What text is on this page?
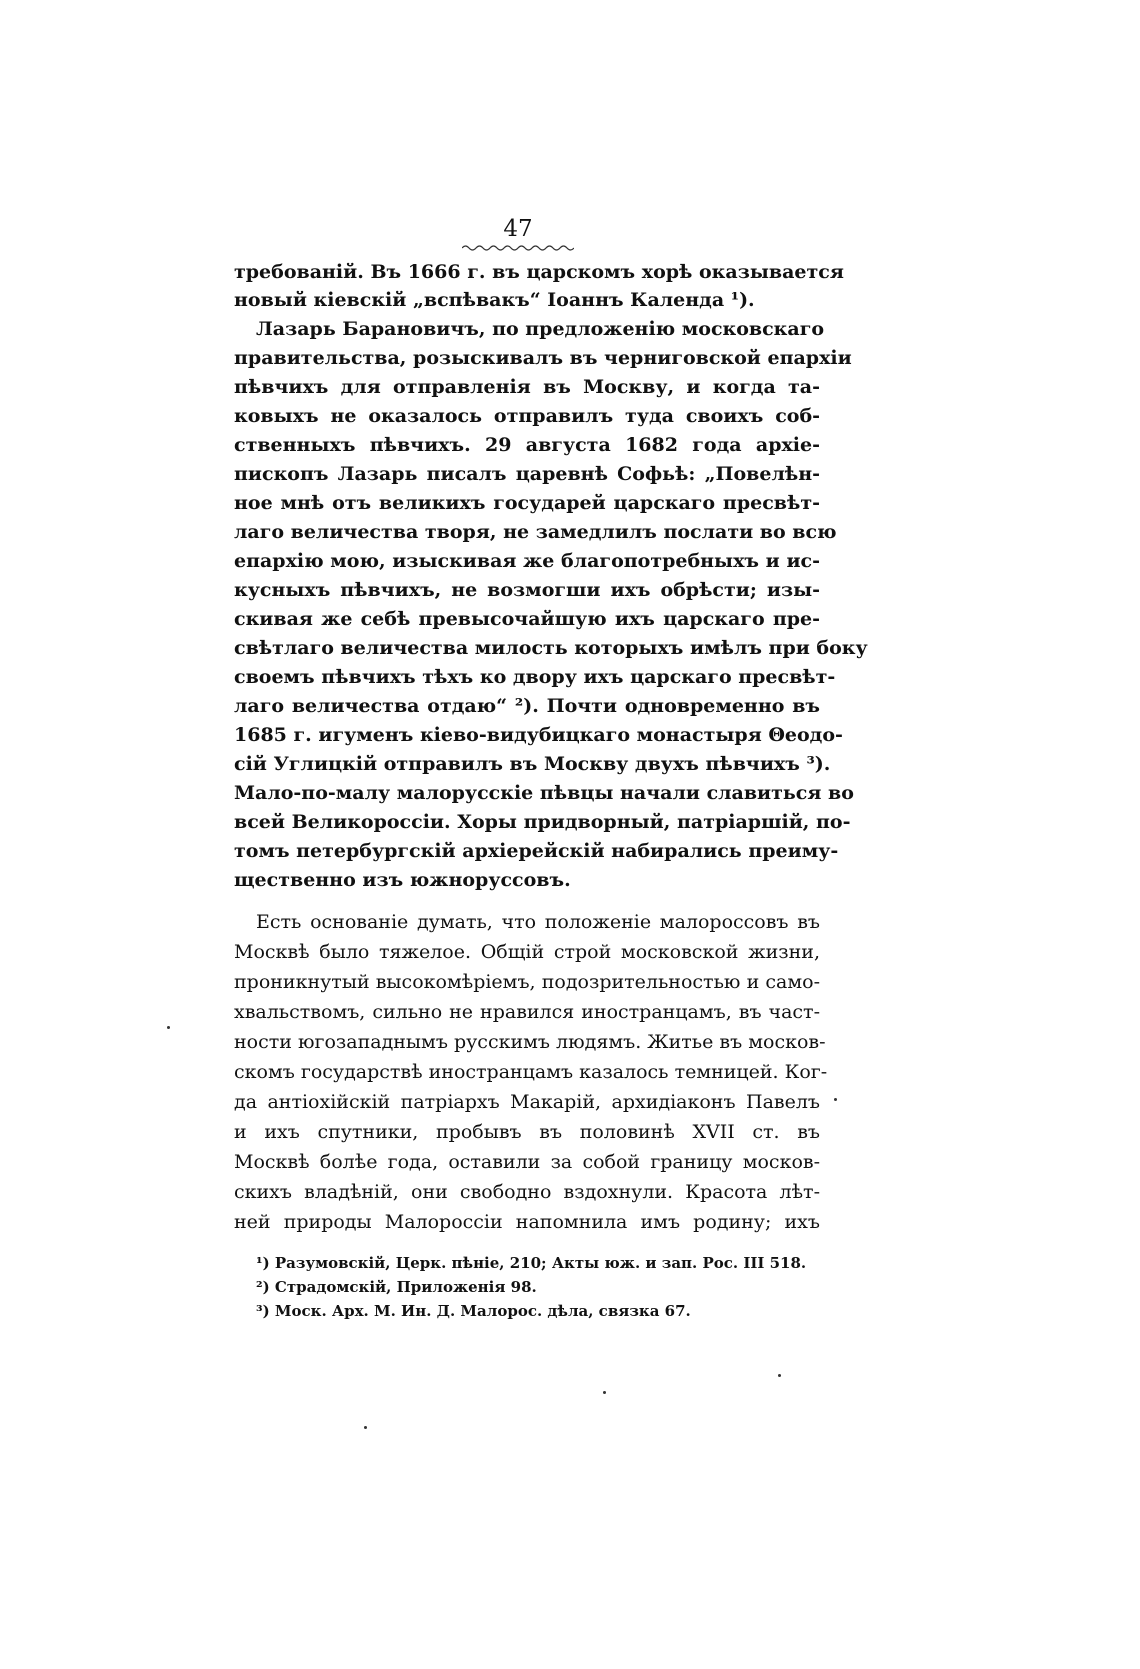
47
требованій. Въ 1666 г. въ царскомъ хорѣ оказывается
новый кіевскій „вспѣвакъ“ Іоаннъ Календа ¹).
Лазарь Барановичъ, по предложенію московскаго
правительства, розыскивалъ въ черниговской епархіи
пѣвчихъ для отправленія въ Москву, и когда та-
ковыхъ не оказалось отправилъ туда своихъ соб-
ственныхъ пѣвчихъ. 29 августа 1682 года архіе-
пископъ Лазарь писалъ царевнѣ Софьѣ: „Повелѣн-
ное мнѣ отъ великихъ государей царскаго пресвѣт-
лаго величества творя, не замедлилъ послати во всю
епархію мою, изыскивая же благопотребныхъ и ис-
кусныхъ пѣвчихъ, не возмогши ихъ обрѣсти; изы-
скивая же себѣ превысочайшую ихъ царскаго пре-
свѣтлаго величества милость которыхъ имѣлъ при боку
своемъ пѣвчихъ тѣхъ ко двору ихъ царскаго пресвѣт-
лаго величества отдаю“ ²). Почти одновременно въ
1685 г. игуменъ кіево-видубицкаго монастыря Θеодо-
сій Углицкій отправилъ въ Москву двухъ пѣвчихъ ³).
Мало-по-малу малорусскіе пѣвцы начали славиться во
всей Великороссіи. Хоры придворный, патріаршій, по-
томъ петербургскій архіерейскій набирались преиму-
щественно изъ южноруссовъ.
Есть основаніе думать, что положеніе малороссовъ въ
Москвѣ было тяжелое. Общій строй московской жизни,
проникнутый высокомѣріемъ, подозрительностью и само-
хвальствомъ, сильно не нравился иностранцамъ, въ част-
ности югозападнымъ русскимъ людямъ. Житье въ москов-
скомъ государствѣ иностранцамъ казалось темницей. Ког-
да антіохійскій патріархъ Макарій, архидіаконъ Павелъ
и ихъ спутники, пробывъ въ половинѣ XVII ст. въ
Москвѣ болѣе года, оставили за собой границу москов-
скихъ владѣній, они свободно вздохнули. Красота лѣт-
ней природы Малороссіи напомнила имъ родину; ихъ
¹) Разумовскій, Церк. пѣніе, 210; Акты юж. и зап. Рос. III 518.
²) Страдомскій, Приложенія 98.
³) Моск. Арх. М. Ин. Д. Малорос. дѣла, связка 67.
